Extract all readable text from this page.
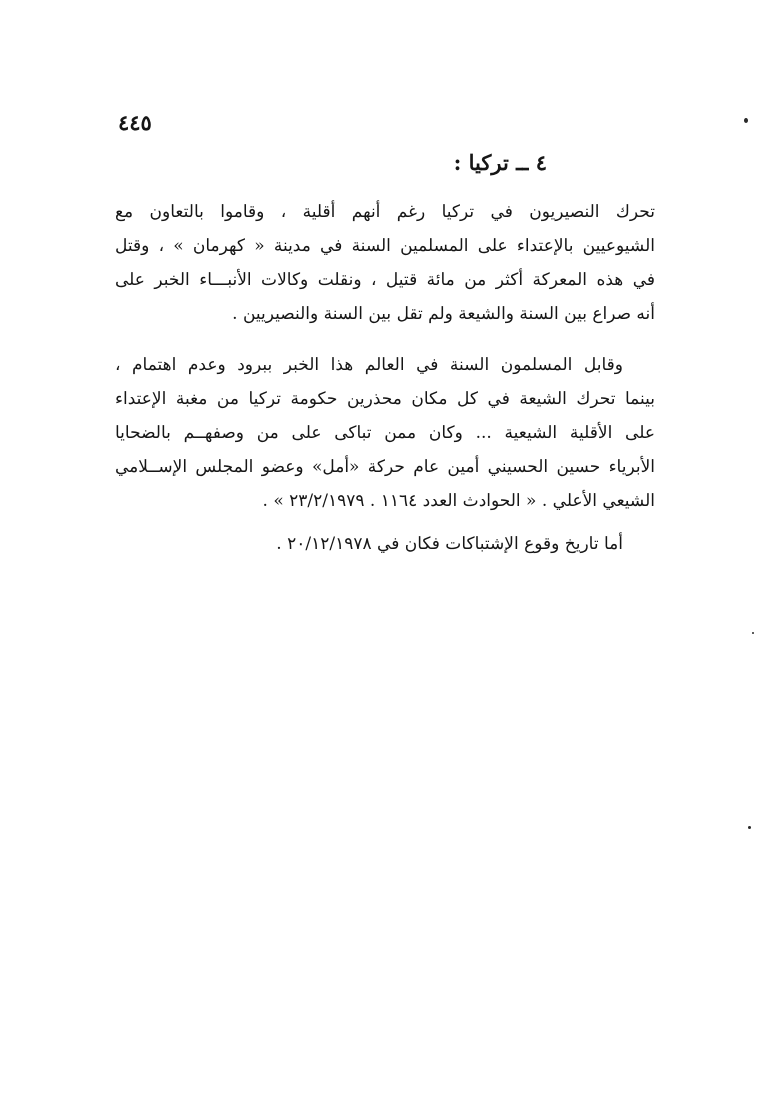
٤٤٥
٤ ــ تركيا :
تحرك النصيريون في تركيا رغم أنهم أقلية ، وقاموا بالتعاون مع
الشيوعيين بالإعتداء على المسلمين السنة في مدينة « كهرمان » ، وقتل
في هذه المعركة أكثر من مائة قتيل ، ونقلت وكالات الأنبـــاء الخبر على
أنه صراع بين السنة والشيعة ولم تقل بين السنة والنصيريين .
وقابل المسلمون السنة في العالم هذا الخبر ببرود وعدم اهتمام ،
بينما تحرك الشيعة في كل مكان محذرين حكومة تركيا من مغبة الإعتداء
على الأقلية الشيعية ... وكان ممن تباكى على من وصفهــم بالضحايا
الأبرياء حسين الحسيني أمين عام حركة «أمل» وعضو المجلس الإســلامي
الشيعي الأعلي . « الحوادث العدد ١١٦٤ . ٢٣/٢/١٩٧٩ » .
أما تاريخ وقوع الإشتباكات فكان في ٢٠/١٢/١٩٧٨ .
